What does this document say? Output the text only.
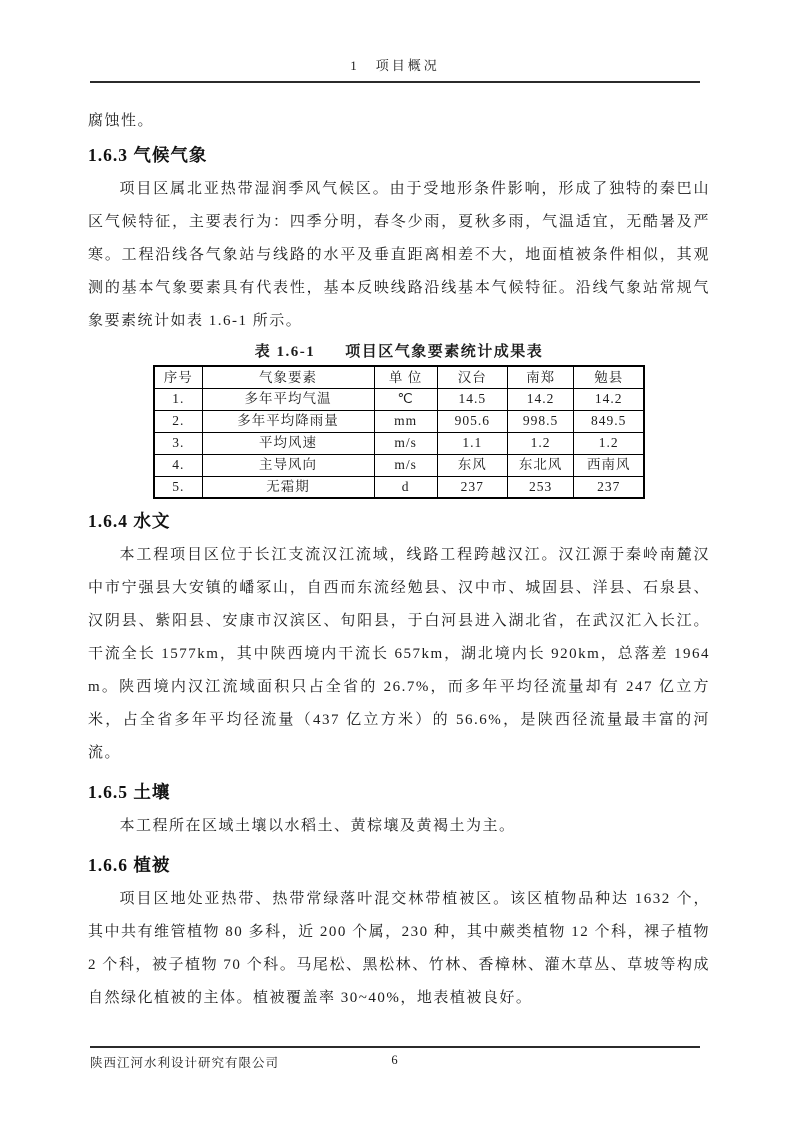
1　项目概况

腐蚀性。

1.6.3 气候气象

项目区属北亚热带湿润季风气候区。由于受地形条件影响，形成了独特的秦巴山区气候特征，主要表行为：四季分明，春冬少雨，夏秋多雨，气温适宜，无酷暑及严寒。工程沿线各气象站与线路的水平及垂直距离相差不大，地面植被条件相似，其观测的基本气象要素具有代表性，基本反映线路沿线基本气候特征。沿线气象站常规气象要素统计如表 1.6-1 所示。

表 1.6-1 项目区气象要素统计成果表
序号	气象要素	单 位	汉台	南郑	勉县
1.	多年平均气温	℃	14.5	14.2	14.2
2.	多年平均降雨量	mm	905.6	998.5	849.5
3.	平均风速	m/s	1.1	1.2	1.2
4.	主导风向	m/s	东风	东北风	西南风
5.	无霜期	d	237	253	237
1.6.4 水文

本工程项目区位于长江支流汉江流域，线路工程跨越汉江。汉江源于秦岭南麓汉中市宁强县大安镇的嶓冢山，自西而东流经勉县、汉中市、城固县、洋县、石泉县、汉阴县、紫阳县、安康市汉滨区、旬阳县，于白河县进入湖北省，在武汉汇入长江。干流全长 1577km，其中陕西境内干流长 657km，湖北境内长 920km，总落差 1964m。陕西境内汉江流域面积只占全省的 26.7%，而多年平均径流量却有 247 亿立方米，占全省多年平均径流量（437 亿立方米）的 56.6%，是陕西径流量最丰富的河流。

1.6.5 土壤

本工程所在区域土壤以水稻土、黄棕壤及黄褐土为主。

1.6.6 植被

项目区地处亚热带、热带常绿落叶混交林带植被区。该区植物品种达 1632 个，其中共有维管植物 80 多科，近 200 个属，230 种，其中蕨类植物 12 个科，裸子植物 2 个科，被子植物 70 个科。马尾松、黑松林、竹林、香樟林、灌木草丛、草坡等构成自然绿化植被的主体。植被覆盖率 30~40%，地表植被良好。

陕西江河水利设计研究有限公司	6
